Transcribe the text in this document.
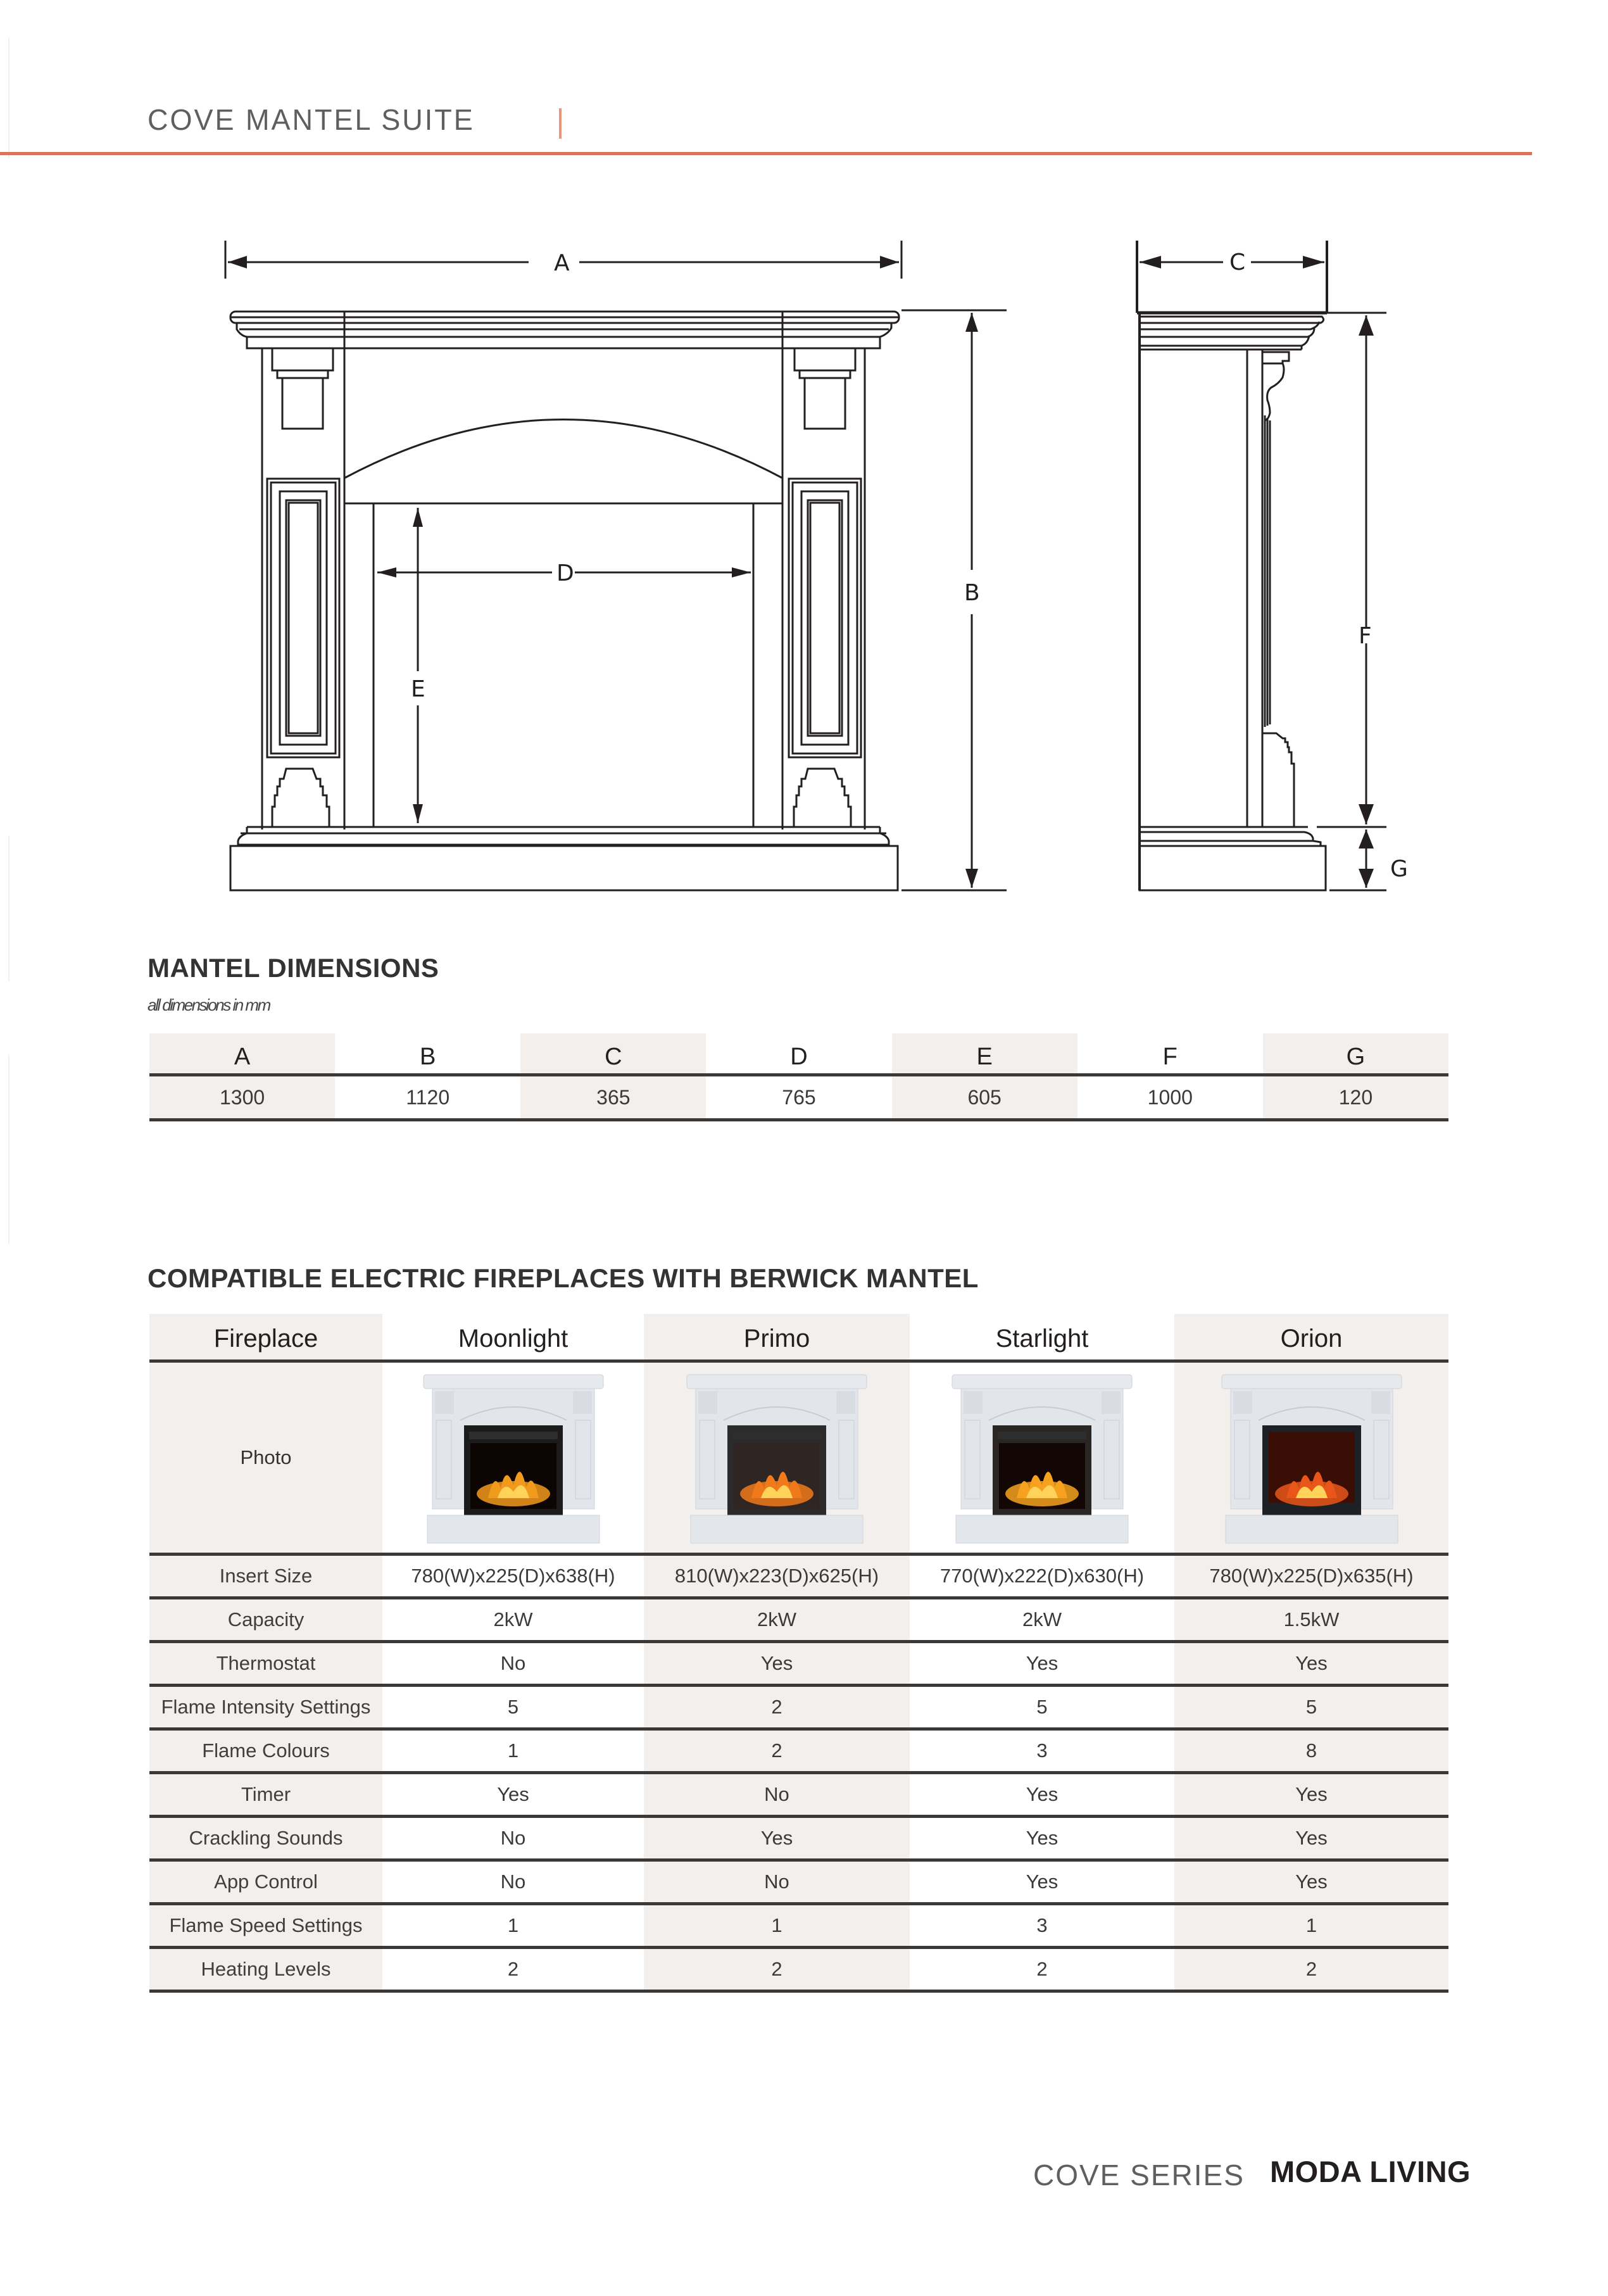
COVE MANTEL SUITE
A
B
D
E
C
F
G
MANTEL DIMENSIONS
all dimensions in mm
A	B	C	D	E	F	G
1300	1120	365	765	605	1000	120
COMPATIBLE ELECTRIC FIREPLACES WITH BERWICK MANTEL
Fireplace	Moonlight	Primo	Starlight	Orion
Photo
Insert Size	780(W)x225(D)x638(H)	810(W)x223(D)x625(H)	770(W)x222(D)x630(H)	780(W)x225(D)x635(H)
Capacity	2kW	2kW	2kW	1.5kW
Thermostat	No	Yes	Yes	Yes
Flame Intensity Settings	5	2	5	5
Flame Colours	1	2	3	8
Timer	Yes	No	Yes	Yes
Crackling Sounds	No	Yes	Yes	Yes
App Control	No	No	Yes	Yes
Flame Speed Settings	1	1	3	1
Heating Levels	2	2	2	2
COVE SERIES MODA LIVING
